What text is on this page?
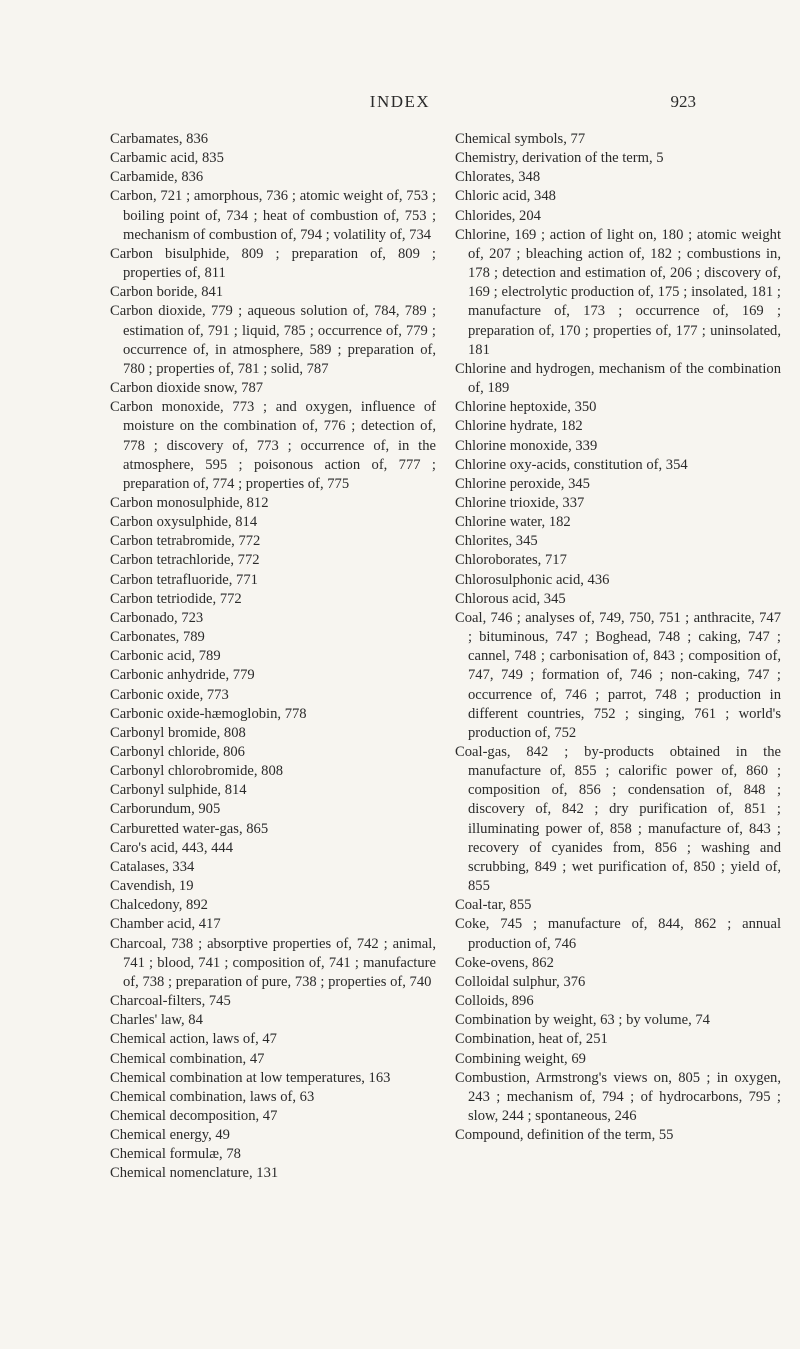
INDEX	923

Carbamates, 836

Carbamic acid, 835

Carbamide, 836

Carbon, 721 ; amorphous, 736 ; atomic weight of, 753 ; boiling point of, 734 ; heat of combustion of, 753 ; mechanism of combustion of, 794 ; volatility of, 734

Carbon bisulphide, 809 ; preparation of, 809 ; properties of, 811

Carbon boride, 841

Carbon dioxide, 779 ; aqueous solution of, 784, 789 ; estimation of, 791 ; liquid, 785 ; occurrence of, 779 ; occurrence of, in atmosphere, 589 ; preparation of, 780 ; properties of, 781 ; solid, 787

Carbon dioxide snow, 787

Carbon monoxide, 773 ; and oxygen, influence of moisture on the combination of, 776 ; detection of, 778 ; discovery of, 773 ; occurrence of, in the atmosphere, 595 ; poisonous action of, 777 ; preparation of, 774 ; properties of, 775

Carbon monosulphide, 812

Carbon oxysulphide, 814

Carbon tetrabromide, 772

Carbon tetrachloride, 772

Carbon tetrafluoride, 771

Carbon tetriodide, 772

Carbonado, 723

Carbonates, 789

Carbonic acid, 789

Carbonic anhydride, 779

Carbonic oxide, 773

Carbonic oxide-hæmoglobin, 778

Carbonyl bromide, 808

Carbonyl chloride, 806

Carbonyl chlorobromide, 808

Carbonyl sulphide, 814

Carborundum, 905

Carburetted water-gas, 865

Caro's acid, 443, 444

Catalases, 334

Cavendish, 19

Chalcedony, 892

Chamber acid, 417

Charcoal, 738 ; absorptive properties of, 742 ; animal, 741 ; blood, 741 ; composition of, 741 ; manufacture of, 738 ; preparation of pure, 738 ; properties of, 740

Charcoal-filters, 745

Charles' law, 84

Chemical action, laws of, 47

Chemical combination, 47

Chemical combination at low temperatures, 163

Chemical combination, laws of, 63

Chemical decomposition, 47

Chemical energy, 49

Chemical formulæ, 78

Chemical nomenclature, 131

Chemical symbols, 77

Chemistry, derivation of the term, 5

Chlorates, 348

Chloric acid, 348

Chlorides, 204

Chlorine, 169 ; action of light on, 180 ; atomic weight of, 207 ; bleaching action of, 182 ; combustions in, 178 ; detection and estimation of, 206 ; discovery of, 169 ; electrolytic production of, 175 ; insolated, 181 ; manufacture of, 173 ; occurrence of, 169 ; preparation of, 170 ; properties of, 177 ; uninsolated, 181

Chlorine and hydrogen, mechanism of the combination of, 189

Chlorine heptoxide, 350

Chlorine hydrate, 182

Chlorine monoxide, 339

Chlorine oxy-acids, constitution of, 354

Chlorine peroxide, 345

Chlorine trioxide, 337

Chlorine water, 182

Chlorites, 345

Chloroborates, 717

Chlorosulphonic acid, 436

Chlorous acid, 345

Coal, 746 ; analyses of, 749, 750, 751 ; anthracite, 747 ; bituminous, 747 ; Boghead, 748 ; caking, 747 ; cannel, 748 ; carbonisation of, 843 ; composition of, 747, 749 ; formation of, 746 ; non-caking, 747 ; occurrence of, 746 ; parrot, 748 ; production in different countries, 752 ; singing, 761 ; world's production of, 752

Coal-gas, 842 ; by-products obtained in the manufacture of, 855 ; calorific power of, 860 ; composition of, 856 ; condensation of, 848 ; discovery of, 842 ; dry purification of, 851 ; illuminating power of, 858 ; manufacture of, 843 ; recovery of cyanides from, 856 ; washing and scrubbing, 849 ; wet purification of, 850 ; yield of, 855

Coal-tar, 855

Coke, 745 ; manufacture of, 844, 862 ; annual production of, 746

Coke-ovens, 862

Colloidal sulphur, 376

Colloids, 896

Combination by weight, 63 ; by volume, 74

Combination, heat of, 251

Combining weight, 69

Combustion, Armstrong's views on, 805 ; in oxygen, 243 ; mechanism of, 794 ; of hydrocarbons, 795 ; slow, 244 ; spontaneous, 246

Compound, definition of the term, 55
